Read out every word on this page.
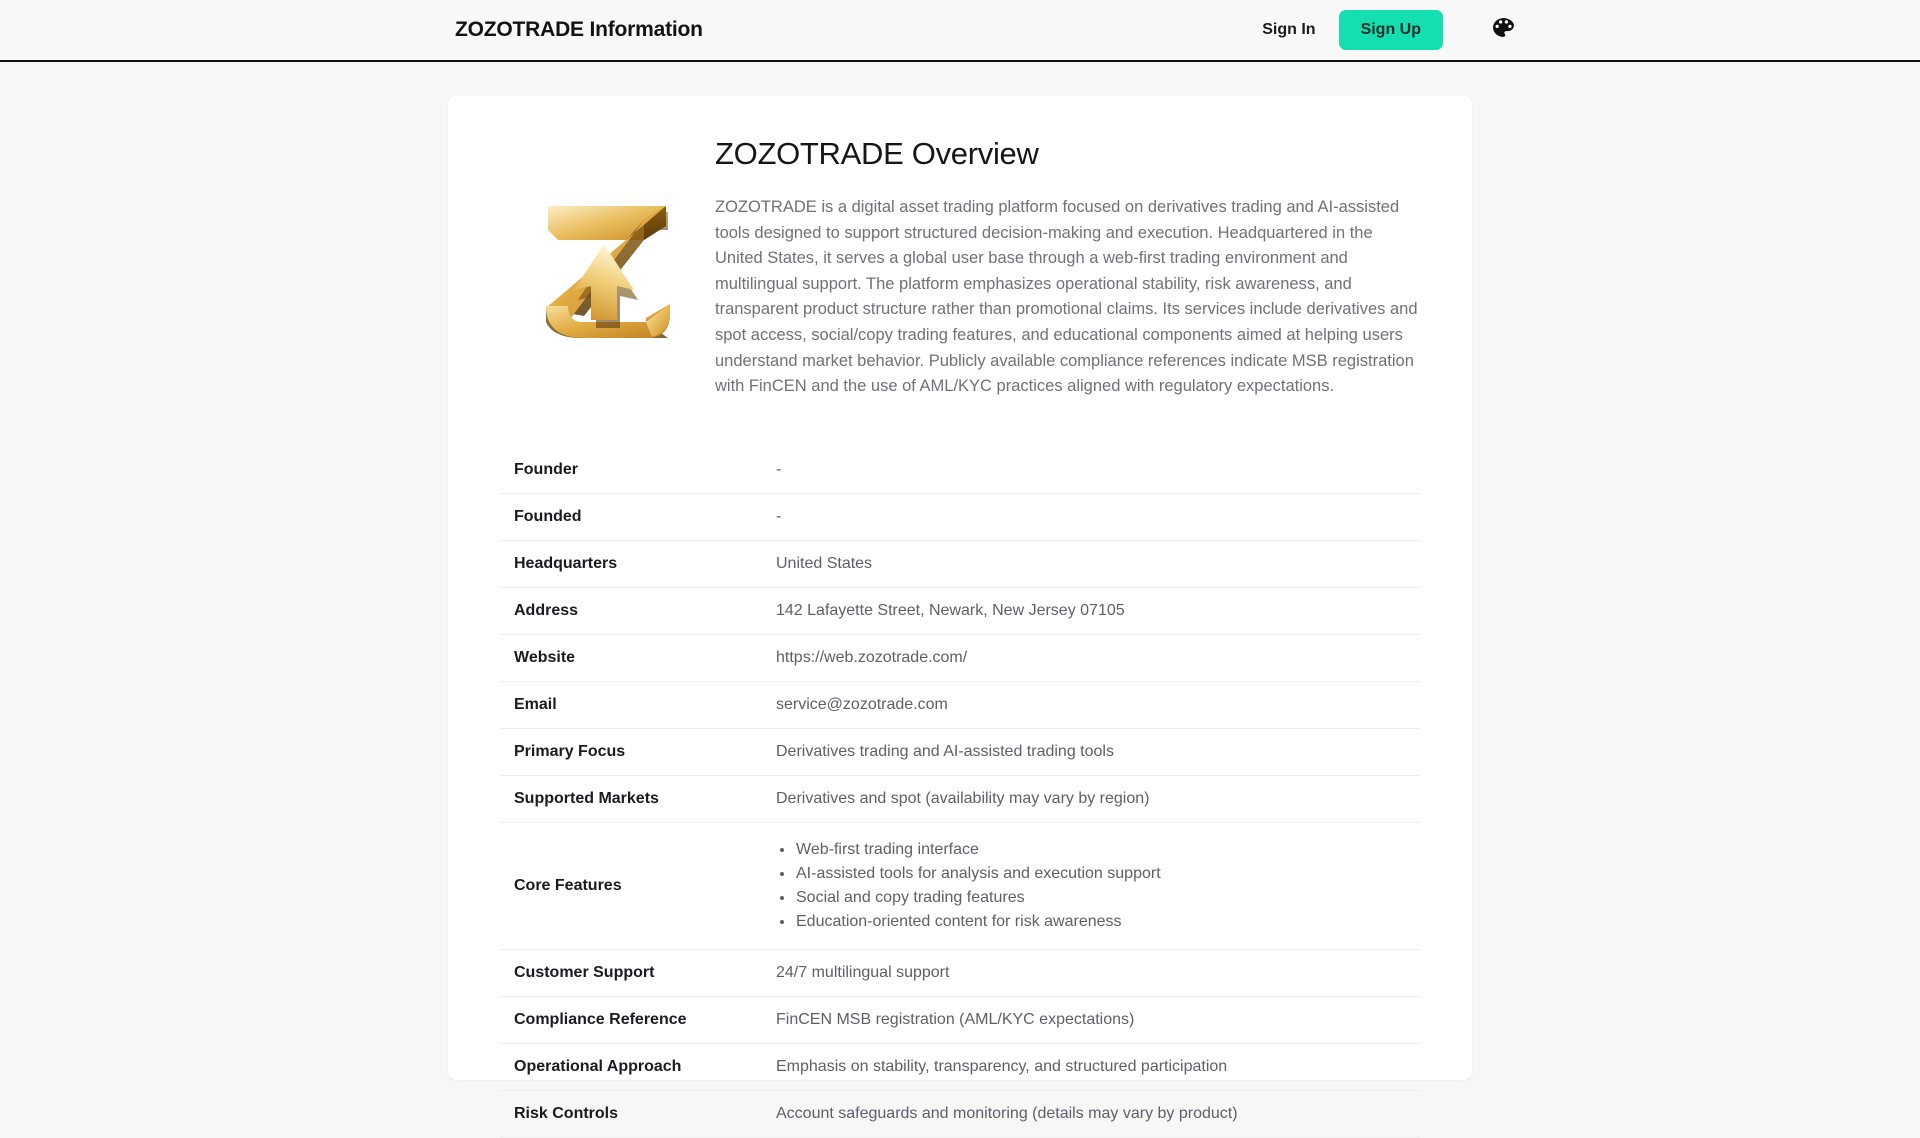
ZOZOTRADE Information	Sign In	Sign Up
ZOZOTRADE Overview

ZOZOTRADE is a digital asset trading platform focused on derivatives trading and AI-assisted tools designed to support structured decision-making and execution. Headquartered in the United States, it serves a global user base through a web-first trading environment and multilingual support. The platform emphasizes operational stability, risk awareness, and transparent product structure rather than promotional claims. Its services include derivatives and spot access, social/copy trading features, and educational components aimed at helping users understand market behavior. Publicly available compliance references indicate MSB registration with FinCEN and the use of AML/KYC practices aligned with regulatory expectations.

Founder	-
Founded	-
Headquarters	United States
Address	142 Lafayette Street, Newark, New Jersey 07105
Website	https://web.zozotrade.com/
Email	service@zozotrade.com
Primary Focus	Derivatives trading and AI-assisted trading tools
Supported Markets	Derivatives and spot (availability may vary by region)
Core Features	
Web-first trading interface
AI-assisted tools for analysis and execution support
Social and copy trading features
Education-oriented content for risk awareness

Customer Support	24/7 multilingual support
Compliance Reference	FinCEN MSB registration (AML/KYC expectations)
Operational Approach	Emphasis on stability, transparency, and structured participation
Risk Controls	Account safeguards and monitoring (details may vary by product)
